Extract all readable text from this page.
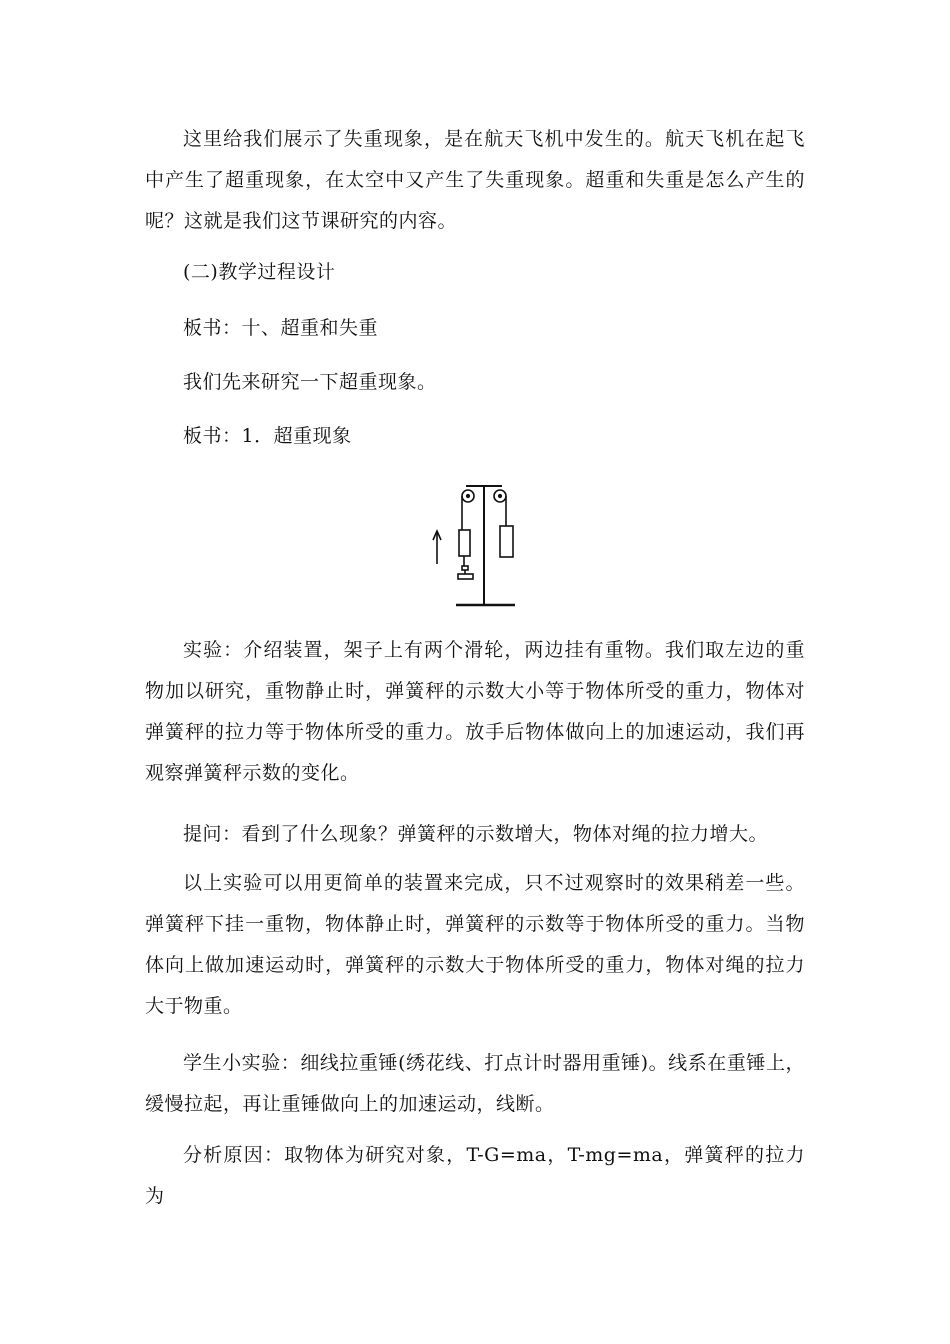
这里给我们展示了失重现象，是在航天飞机中发生的。航天飞机在起飞中产生了超重现象，在太空中又产生了失重现象。超重和失重是怎么产生的呢？这就是我们这节课研究的内容。

(二)教学过程设计

板书：十、超重和失重

我们先来研究一下超重现象。

板书：1．超重现象

实验：介绍装置，架子上有两个滑轮，两边挂有重物。我们取左边的重物加以研究，重物静止时，弹簧秤的示数大小等于物体所受的重力，物体对弹簧秤的拉力等于物体所受的重力。放手后物体做向上的加速运动，我们再观察弹簧秤示数的变化。

提问：看到了什么现象？弹簧秤的示数增大，物体对绳的拉力增大。

以上实验可以用更简单的装置来完成，只不过观察时的效果稍差一些。弹簧秤下挂一重物，物体静止时，弹簧秤的示数等于物体所受的重力。当物体向上做加速运动时，弹簧秤的示数大于物体所受的重力，物体对绳的拉力大于物重。

学生小实验：细线拉重锤(绣花线、打点计时器用重锤)。线系在重锤上，缓慢拉起，再让重锤做向上的加速运动，线断。

分析原因：取物体为研究对象，T-G=ma，T-mg=ma，弹簧秤的拉力为
